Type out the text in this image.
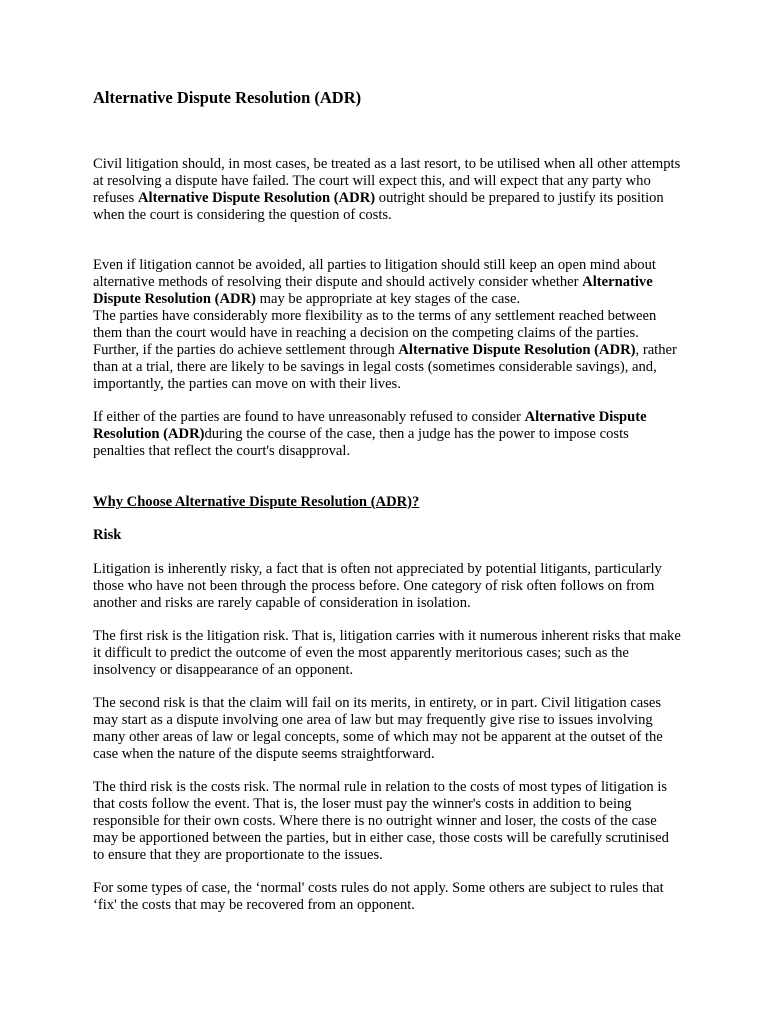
Alternative Dispute Resolution (ADR)

Civil litigation should, in most cases, be treated as a last resort, to be utilised when all other attempts at resolving a dispute have failed. The court will expect this, and will expect that any party who refuses Alternative Dispute Resolution (ADR) outright should be prepared to justify its position when the court is considering the question of costs.

Even if litigation cannot be avoided, all parties to litigation should still keep an open mind about alternative methods of resolving their dispute and should actively consider whether Alternative Dispute Resolution (ADR) may be appropriate at key stages of the case.

The parties have considerably more flexibility as to the terms of any settlement reached between them than the court would have in reaching a decision on the competing claims of the parties. Further, if the parties do achieve settlement through Alternative Dispute Resolution (ADR), rather than at a trial, there are likely to be savings in legal costs (sometimes considerable savings), and, importantly, the parties can move on with their lives.

If either of the parties are found to have unreasonably refused to consider Alternative Dispute Resolution (ADR)during the course of the case, then a judge has the power to impose costs penalties that reflect the court's disapproval.

Why Choose Alternative Dispute Resolution (ADR)?
Risk

Litigation is inherently risky, a fact that is often not appreciated by potential litigants, particularly those who have not been through the process before. One category of risk often follows on from another and risks are rarely capable of consideration in isolation.

The first risk is the litigation risk. That is, litigation carries with it numerous inherent risks that make it difficult to predict the outcome of even the most apparently meritorious cases; such as the insolvency or disappearance of an opponent.

The second risk is that the claim will fail on its merits, in entirety, or in part. Civil litigation cases may start as a dispute involving one area of law but may frequently give rise to issues involving many other areas of law or legal concepts, some of which may not be apparent at the outset of the case when the nature of the dispute seems straightforward.

The third risk is the costs risk. The normal rule in relation to the costs of most types of litigation is that costs follow the event. That is, the loser must pay the winner's costs in addition to being responsible for their own costs. Where there is no outright winner and loser, the costs of the case may be apportioned between the parties, but in either case, those costs will be carefully scrutinised to ensure that they are proportionate to the issues.

For some types of case, the ‘normal' costs rules do not apply. Some others are subject to rules that ‘fix' the costs that may be recovered from an opponent.
